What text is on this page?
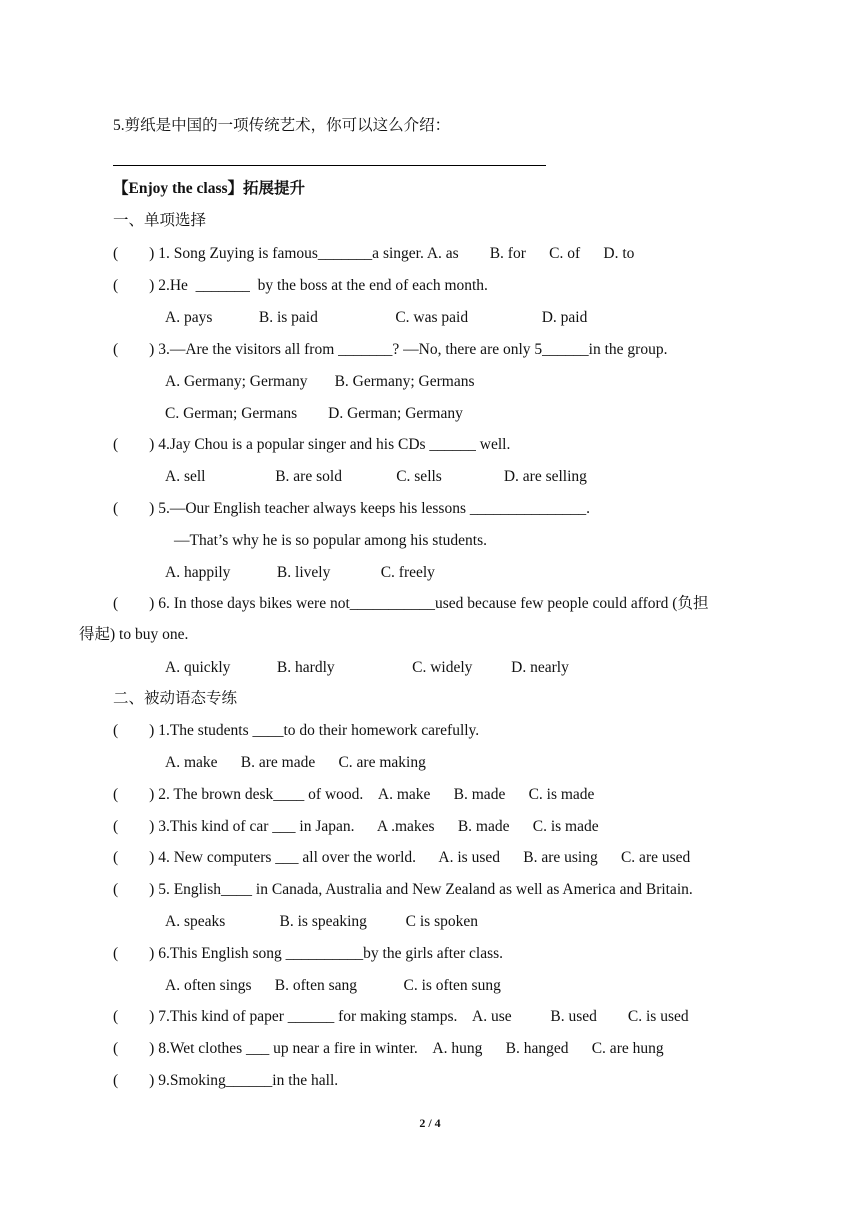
5.剪纸是中国的一项传统艺术，你可以这么介绍：
【Enjoy the class】拓展提升
一、单项选择
(        ) 1. Song Zuying is famous_______a singer. A. as        B. for      C. of      D. to
(        ) 2.He  _______  by the boss at the end of each month.
A. pays            B. is paid                    C. was paid                   D. paid
(        ) 3.—Are the visitors all from _______? —No, there are only 5______in the group.
A. Germany; Germany       B. Germany; Germans
C. German; Germans        D. German; Germany
(        ) 4.Jay Chou is a popular singer and his CDs ______ well.
A. sell                  B. are sold              C. sells                D. are selling
(        ) 5.—Our English teacher always keeps his lessons _______________.
—That’s why he is so popular among his students.
A. happily            B. lively             C. freely
(        ) 6. In those days bikes were not___________used because few people could afford (负担
得起) to buy one.
A. quickly            B. hardly                    C. widely          D. nearly
二、被动语态专练
(        ) 1.The students ____to do their homework carefully.
A. make      B. are made      C. are making
(        ) 2. The brown desk____ of wood.    A. make      B. made      C. is made
(        ) 3.This kind of car ___ in Japan.      A .makes      B. made      C. is made
(        ) 4. New computers ___ all over the world.      A. is used      B. are using      C. are used
(        ) 5. English____ in Canada, Australia and New Zealand as well as America and Britain.
A. speaks              B. is speaking          C is spoken
(        ) 6.This English song __________by the girls after class.
A. often sings      B. often sang            C. is often sung
(        ) 7.This kind of paper ______ for making stamps.    A. use          B. used        C. is used
(        ) 8.Wet clothes ___ up near a fire in winter.    A. hung      B. hanged      C. are hung
(        ) 9.Smoking______in the hall.
2 / 4
